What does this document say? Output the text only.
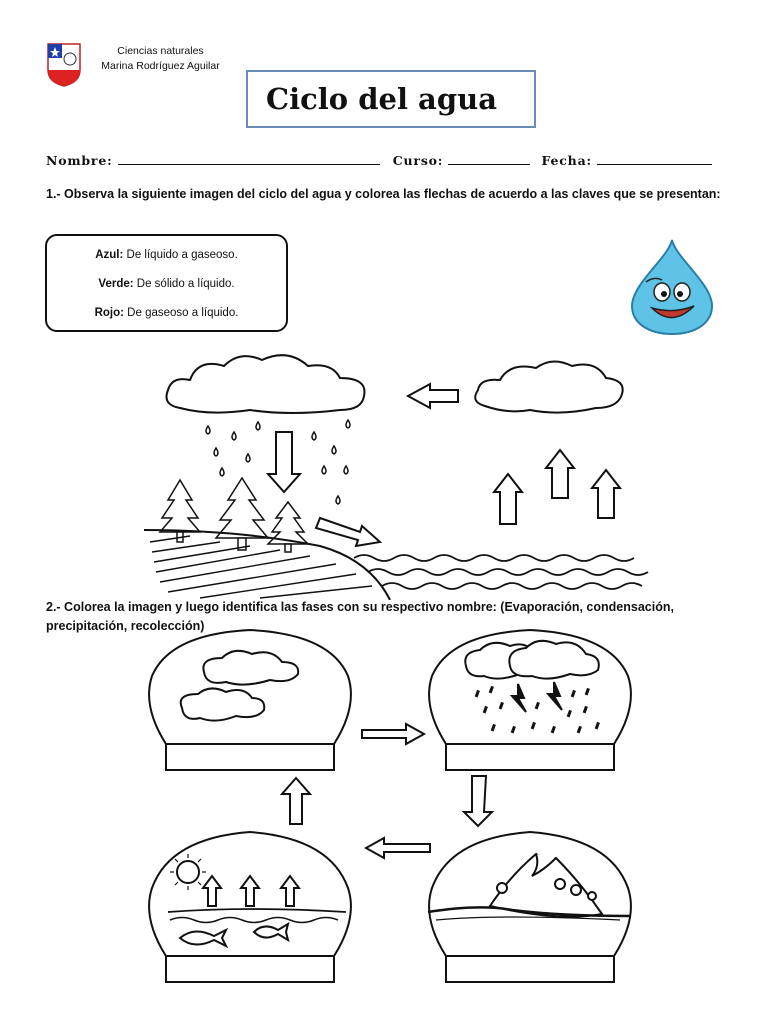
Ciencias naturales
Marina Rodríguez Aguilar
Ciclo del agua
Nombre:	Curso:	Fecha:
1.- Observa la siguiente imagen del ciclo del agua y colorea las flechas de acuerdo a las claves que se presentan:
Azul: De líquido a gaseoso.
Verde: De sólido a líquido.
Rojo: De gaseoso a líquido.
2.- Colorea la imagen y luego identifica las fases con su respectivo nombre: (Evaporación, condensación, precipitación, recolección)
